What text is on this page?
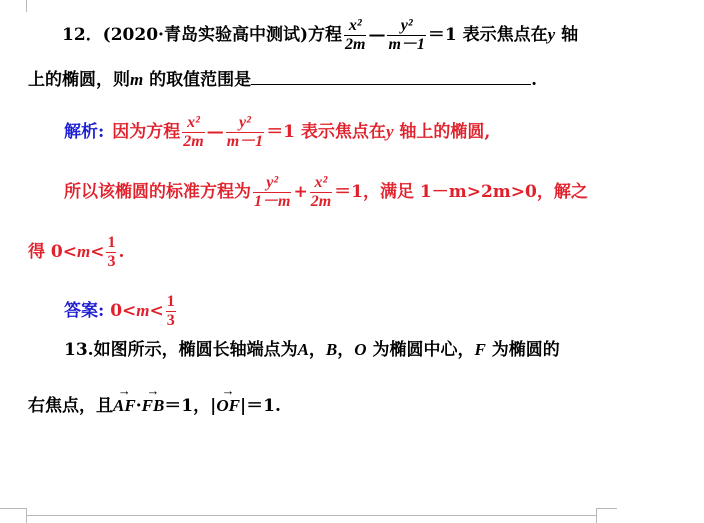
12．(2020·青岛实验高中测试)方程 $\frac{\text{x²}}{2m}$ — $\frac{\text{y²}}{m-1} =1$ 表示焦点在y 轴
上的椭圆，则m 的取值范围是	.
解析: 因为方程 $\frac{\text{x²}}{2m}$ — $\frac{\text{y²}}{m-1} =1$ 表示焦点在y 轴上的椭圆,
所以该椭圆的标准方程为 $\frac{\text{y²}}{1-m} + \frac{\text{x²}}{2m} =1$，满足 1－m>2m>0，解之
得 $0<m< \frac{1}{3}$ .
答案: $0<m< \frac{1}{3}$
13.如图所示，椭圆长轴端点为A，B，O 为椭圆中心，F 为椭圆的
右焦点，且→ AF·→ FB＝1，|→ OF|＝1.
